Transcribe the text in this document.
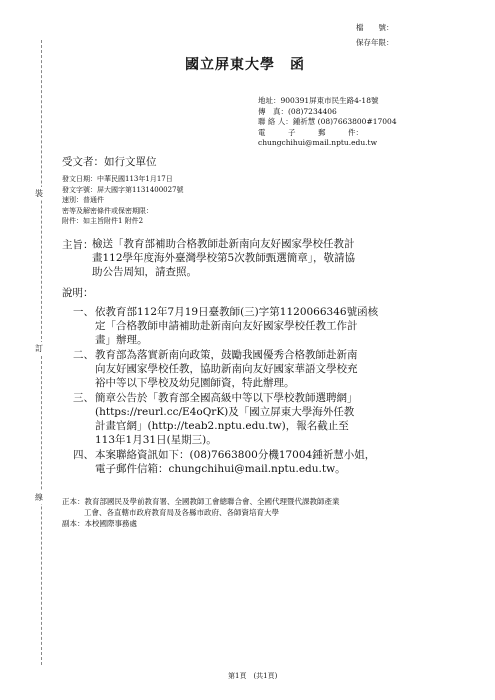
裝
訂
線
檔　　號：
保存年限：
國立屏東大學　函
地址：900391屏東市民生路4-18號
傳　真：(08)7234406
聯 絡 人：鍾祈慧 (08)7663800#17004
電　　　子　　　郵　　　件：
chungchihui@mail.nptu.edu.tw
受文者：如行文單位
發文日期：中華民國113年1月17日
發文字號：屏大國字第1131400027號
速別：普通件
密等及解密條件或保密期限：
附件：如主旨附件1 附件2
主旨：
檢送「教育部補助合格教師赴新南向友好國家學校任教計
畫112學年度海外臺灣學校第5次教師甄選簡章」，敬請協
助公告周知，請查照。
說明：
一、 依教育部112年7月19日臺教師(三)字第1120066346號函核
定「合格教師申請補助赴新南向友好國家學校任教工作計
畫」辦理。
二、 教育部為落實新南向政策，鼓勵我國優秀合格教師赴新南
向友好國家學校任教，協助新南向友好國家華語文學校充
裕中等以下學校及幼兒園師資，特此辦理。
三、 簡章公告於「教育部全國高級中等以下學校教師選聘網」
(https://reurl.cc/E4oQrK)及「國立屏東大學海外任教
計畫官網」(http://teab2.nptu.edu.tw)，報名截止至
113年1月31日(星期三)。
四、 本案聯絡資訊如下：(08)7663800分機17004鍾祈慧小姐，
電子郵件信箱：chungchihui@mail.nptu.edu.tw。
正本：教育部國民及學前教育署、全國教師工會總聯合會、全國代理暨代課教師產業
工會、各直轄市政府教育局及各縣市政府、各師資培育大學
副本：本校國際事務處
第1頁　(共1頁)
